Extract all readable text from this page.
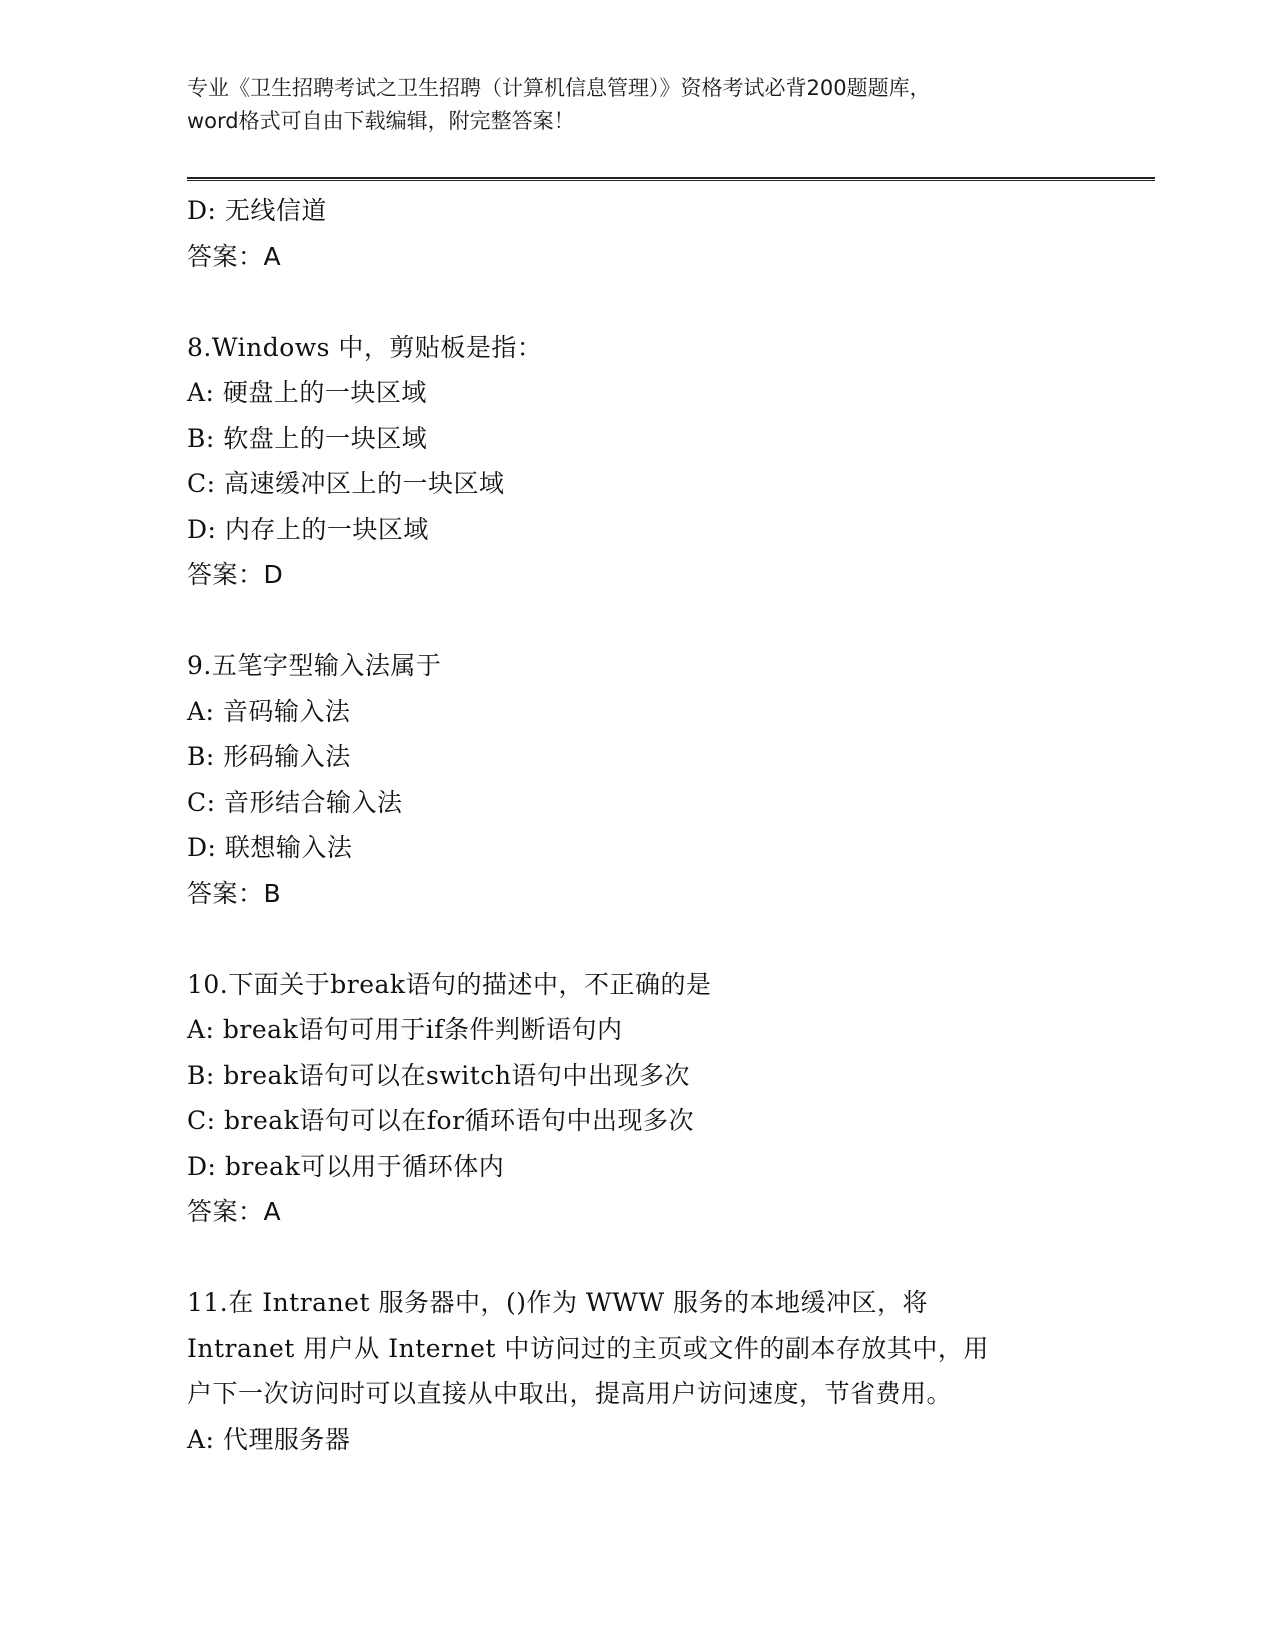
专业《卫生招聘考试之卫生招聘（计算机信息管理）》资格考试必背200题题库，
word格式可自由下载编辑，附完整答案！
D: 无线信道
答案：A
8.Windows 中，剪贴板是指：
A: 硬盘上的一块区域
B: 软盘上的一块区域
C: 高速缓冲区上的一块区域
D: 内存上的一块区域
答案：D
9.五笔字型输入法属于
A: 音码输入法
B: 形码输入法
C: 音形结合输入法
D: 联想输入法
答案：B
10.下面关于break语句的描述中，不正确的是
A: break语句可用于if条件判断语句内
B: break语句可以在switch语句中出现多次
C: break语句可以在for循环语句中出现多次
D: break可以用于循环体内
答案：A
11.在 Intranet 服务器中，()作为 WWW 服务的本地缓冲区，将
Intranet 用户从 Internet 中访问过的主页或文件的副本存放其中，用
户下一次访问时可以直接从中取出，提高用户访问速度，节省费用。
A: 代理服务器
